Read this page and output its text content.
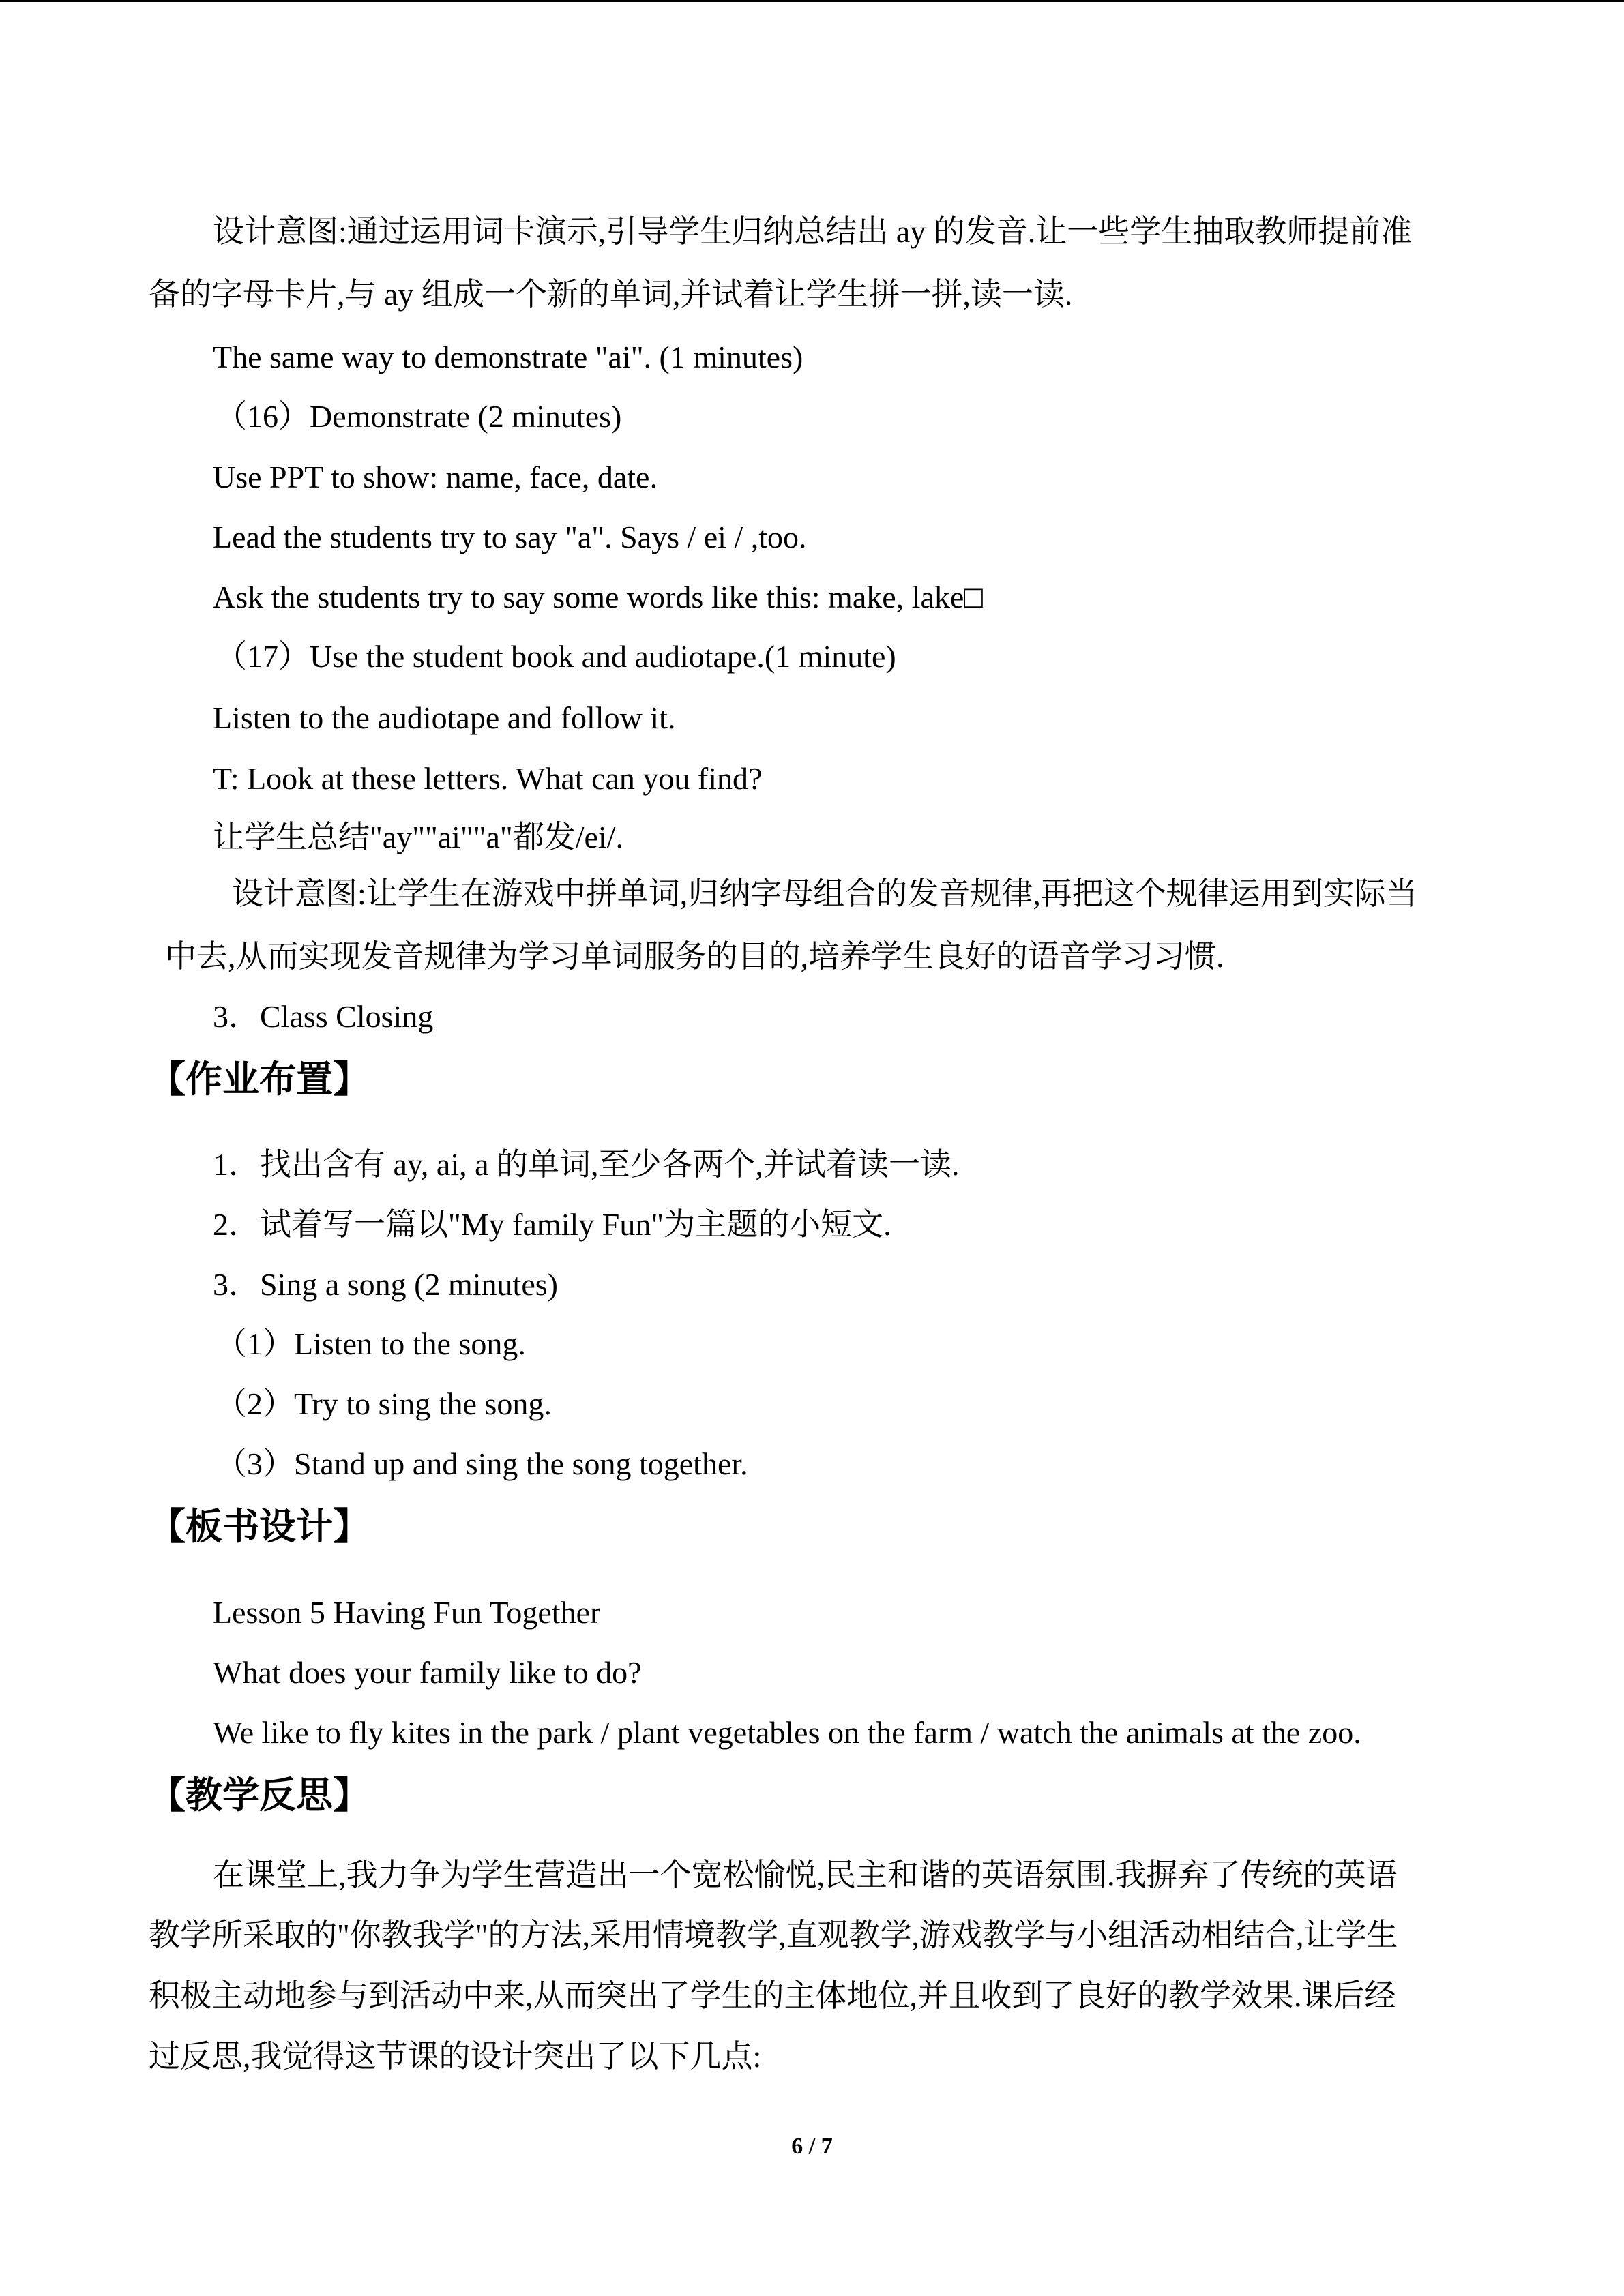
设计意图:通过运用词卡演示,引导学生归纳总结出 ay 的发音.让一些学生抽取教师提前准
备的字母卡片,与 ay 组成一个新的单词,并试着让学生拼一拼,读一读.
The same way to demonstrate "ai". (1 minutes)
（16）Demonstrate (2 minutes)
Use PPT to show: name, face, date.
Lead the students try to say "a". Says / ei / ,too.
Ask the students try to say some words like this: make, lake□
（17）Use the student book and audiotape.(1 minute)
Listen to the audiotape and follow it.
T: Look at these letters. What can you find?
让学生总结"ay""ai""a"都发/ei/.
设计意图:让学生在游戏中拼单词,归纳字母组合的发音规律,再把这个规律运用到实际当
中去,从而实现发音规律为学习单词服务的目的,培养学生良好的语音学习习惯.
3．Class Closing
【作业布置】
1．找出含有 ay, ai, a 的单词,至少各两个,并试着读一读.
2．试着写一篇以"My family Fun"为主题的小短文.
3．Sing a song (2 minutes)
（1）Listen to the song.
（2）Try to sing the song.
（3）Stand up and sing the song together.
【板书设计】
Lesson 5 Having Fun Together
What does your family like to do?
We like to fly kites in the park / plant vegetables on the farm / watch the animals at the zoo.
【教学反思】
在课堂上,我力争为学生营造出一个宽松愉悦,民主和谐的英语氛围.我摒弃了传统的英语
教学所采取的"你教我学"的方法,采用情境教学,直观教学,游戏教学与小组活动相结合,让学生
积极主动地参与到活动中来,从而突出了学生的主体地位,并且收到了良好的教学效果.课后经
过反思,我觉得这节课的设计突出了以下几点:
6 / 7
